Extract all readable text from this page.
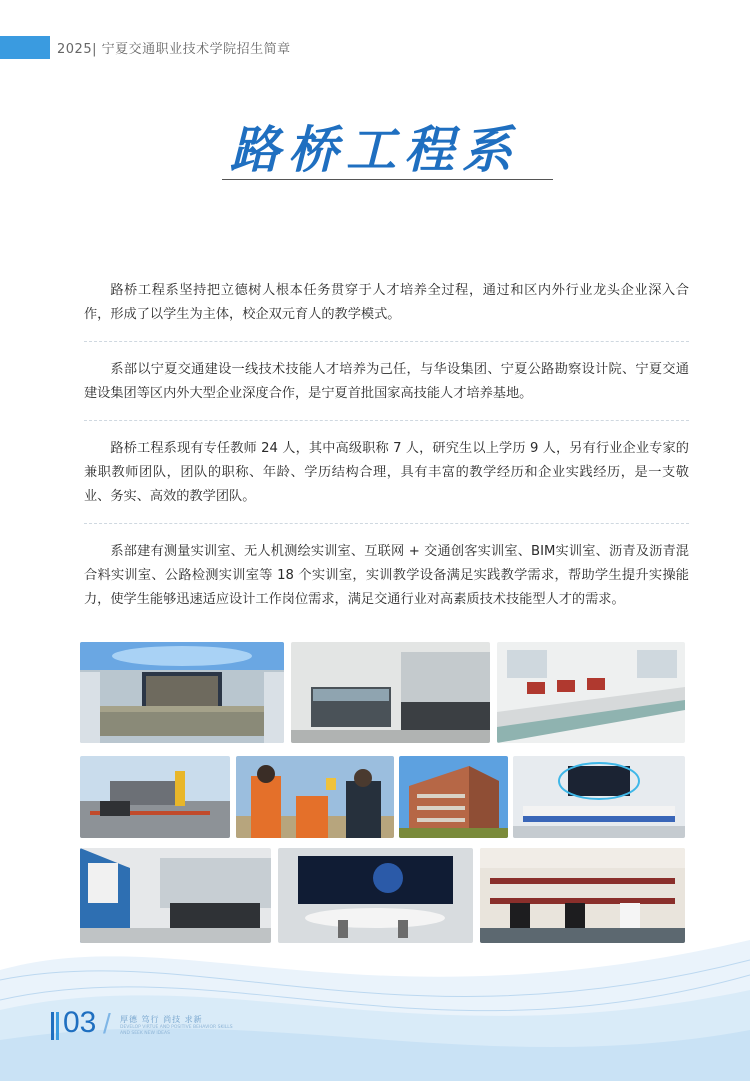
2025| 宁夏交通职业技术学院招生简章
路桥工程系

路桥工程系坚持把立德树人根本任务贯穿于人才培养全过程，通过和区内外行业龙头企业深入合作，形成了以学生为主体，校企双元育人的教学模式。

系部以宁夏交通建设一线技术技能人才培养为己任，与华设集团、宁夏公路勘察设计院、宁夏交通建设集团等区内外大型企业深度合作，是宁夏首批国家高技能人才培养基地。

路桥工程系现有专任教师 24 人，其中高级职称 7 人，研究生以上学历 9 人，另有行业企业专家的兼职教师团队，团队的职称、年龄、学历结构合理，具有丰富的教学经历和企业实践经历，是一支敬业、务实、高效的教学团队。

系部建有测量实训室、无人机测绘实训室、互联网 + 交通创客实训室、BIM实训室、沥青及沥青混合料实训室、公路检测实训室等 18 个实训室，实训教学设备满足实践教学需求，帮助学生提升实操能力，使学生能够迅速适应设计工作岗位需求，满足交通行业对高素质技术技能型人才的需求。

03 / 厚德 笃行 尚技 求新
DEVELOP VIRTUE AND POSITIVE BEHAVIOR SKILLS AND SEEK NEW IDEAS
